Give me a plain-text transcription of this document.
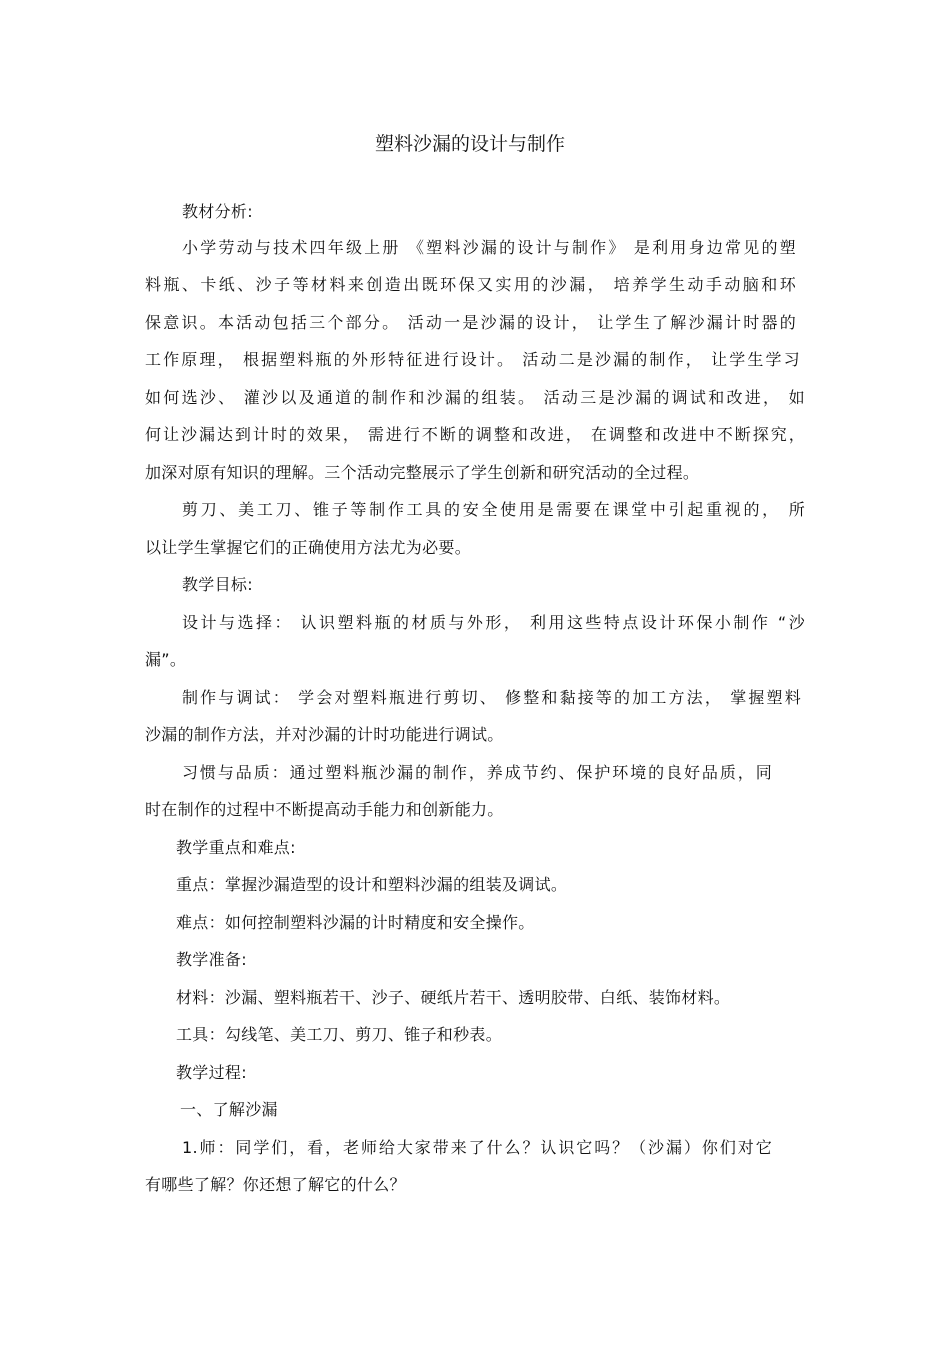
塑料沙漏的设计与制作
教材分析:
小学劳动与技术四年级上册 《塑料沙漏的设计与制作》 是利用身边常见的塑
料瓶、卡纸、沙子等材料来创造出既环保又实用的沙漏， 培养学生动手动脑和环
保意识。本活动包括三个部分。 活动一是沙漏的设计， 让学生了解沙漏计时器的
工作原理， 根据塑料瓶的外形特征进行设计。 活动二是沙漏的制作， 让学生学习
如何选沙、 灌沙以及通道的制作和沙漏的组装。 活动三是沙漏的调试和改进， 如
何让沙漏达到计时的效果， 需进行不断的调整和改进， 在调整和改进中不断探究，
加深对原有知识的理解。三个活动完整展示了学生创新和研究活动的全过程。
剪刀、美工刀、锥子等制作工具的安全使用是需要在课堂中引起重视的， 所
以让学生掌握它们的正确使用方法尤为必要。
教学目标:
设计与选择： 认识塑料瓶的材质与外形， 利用这些特点设计环保小制作 “沙
漏”。
制作与调试： 学会对塑料瓶进行剪切、 修整和黏接等的加工方法， 掌握塑料
沙漏的制作方法，并对沙漏的计时功能进行调试。
习惯与品质：通过塑料瓶沙漏的制作，养成节约、保护环境的良好品质，同
时在制作的过程中不断提高动手能力和创新能力。
教学重点和难点:
重点：掌握沙漏造型的设计和塑料沙漏的组装及调试。
难点：如何控制塑料沙漏的计时精度和安全操作。
教学准备:
材料：沙漏、塑料瓶若干、沙子、硬纸片若干、透明胶带、白纸、装饰材料。
工具：勾线笔、美工刀、剪刀、锥子和秒表。
教学过程:
一、了解沙漏
1.师：同学们，看，老师给大家带来了什么？认识它吗？（沙漏）你们对它
有哪些了解？你还想了解它的什么？
